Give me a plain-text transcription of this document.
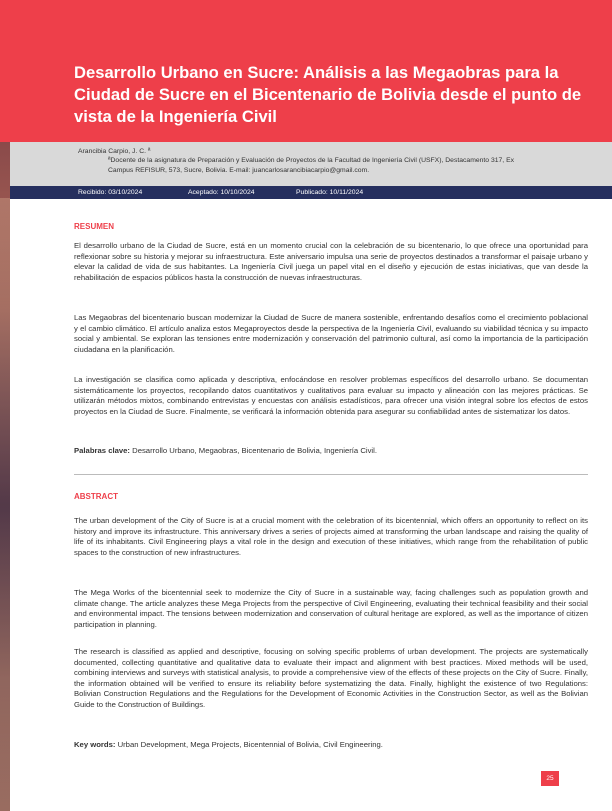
Desarrollo Urbano en Sucre: Análisis a las Megaobras para la Ciudad de Sucre en el Bicentenario de Bolivia desde el punto de vista de la Ingeniería Civil
Arancibia Carpio, J. C. ª
ªDocente de la asignatura de Preparación y Evaluación de Proyectos de la Facultad de Ingeniería Civil (USFX), Destacamento 317, Ex Campus REFISUR, 573, Sucre, Bolivia. E-mail: juancarlosarancibiacarpio@gmail.com.
Recibido: 03/10/2024	Aceptado: 10/10/2024	Publicado: 10/11/2024
RESUMEN

El desarrollo urbano de la Ciudad de Sucre, está en un momento crucial con la celebración de su bicentenario, lo que ofrece una oportunidad para reflexionar sobre su historia y mejorar su infraestructura. Este aniversario impulsa una serie de proyectos destinados a transformar el paisaje urbano y elevar la calidad de vida de sus habitantes. La Ingeniería Civil juega un papel vital en el diseño y ejecución de estas iniciativas, que van desde la rehabilitación de espacios públicos hasta la construcción de nuevas infraestructuras.

Las Megaobras del bicentenario buscan modernizar la Ciudad de Sucre de manera sostenible, enfrentando desafíos como el crecimiento poblacional y el cambio climático. El artículo analiza estos Megaproyectos desde la perspectiva de la Ingeniería Civil, evaluando su viabilidad técnica y su impacto social y ambiental. Se exploran las tensiones entre modernización y conservación del patrimonio cultural, así como la importancia de la participación ciudadana en la planificación.

La investigación se clasifica como aplicada y descriptiva, enfocándose en resolver problemas específicos del desarrollo urbano. Se documentan sistemáticamente los proyectos, recopilando datos cuantitativos y cualitativos para evaluar su impacto y alineación con las mejores prácticas. Se utilizarán métodos mixtos, combinando entrevistas y encuestas con análisis estadísticos, para ofrecer una visión integral sobre los efectos de estos proyectos en la Ciudad de Sucre. Finalmente, se verificará la información obtenida para asegurar su confiabilidad antes de sistematizar los datos.

Palabras clave: Desarrollo Urbano, Megaobras, Bicentenario de Bolivia, Ingeniería Civil.

ABSTRACT

The urban development of the City of Sucre is at a crucial moment with the celebration of its bicentennial, which offers an opportunity to reflect on its history and improve its infrastructure. This anniversary drives a series of projects aimed at transforming the urban landscape and raising the quality of life of its inhabitants. Civil Engineering plays a vital role in the design and execution of these initiatives, which range from the rehabilitation of public spaces to the construction of new infrastructures.

The Mega Works of the bicentennial seek to modernize the City of Sucre in a sustainable way, facing challenges such as population growth and climate change. The article analyzes these Mega Projects from the perspective of Civil Engineering, evaluating their technical feasibility and their social and environmental impact. The tensions between modernization and conservation of cultural heritage are explored, as well as the importance of citizen participation in planning.

The research is classified as applied and descriptive, focusing on solving specific problems of urban development. The projects are systematically documented, collecting quantitative and qualitative data to evaluate their impact and alignment with best practices. Mixed methods will be used, combining interviews and surveys with statistical analysis, to provide a comprehensive view of the effects of these projects on the City of Sucre. Finally, the information obtained will be verified to ensure its reliability before systematizing the data. Finally, highlight the existence of two Regulations: Bolivian Construction Regulations and the Regulations for the Development of Economic Activities in the Construction Sector, as well as the Bolivian Guide to the Construction of Buildings.

Key words: Urban Development, Mega Projects, Bicentennial of Bolivia, Civil Engineering.

25
